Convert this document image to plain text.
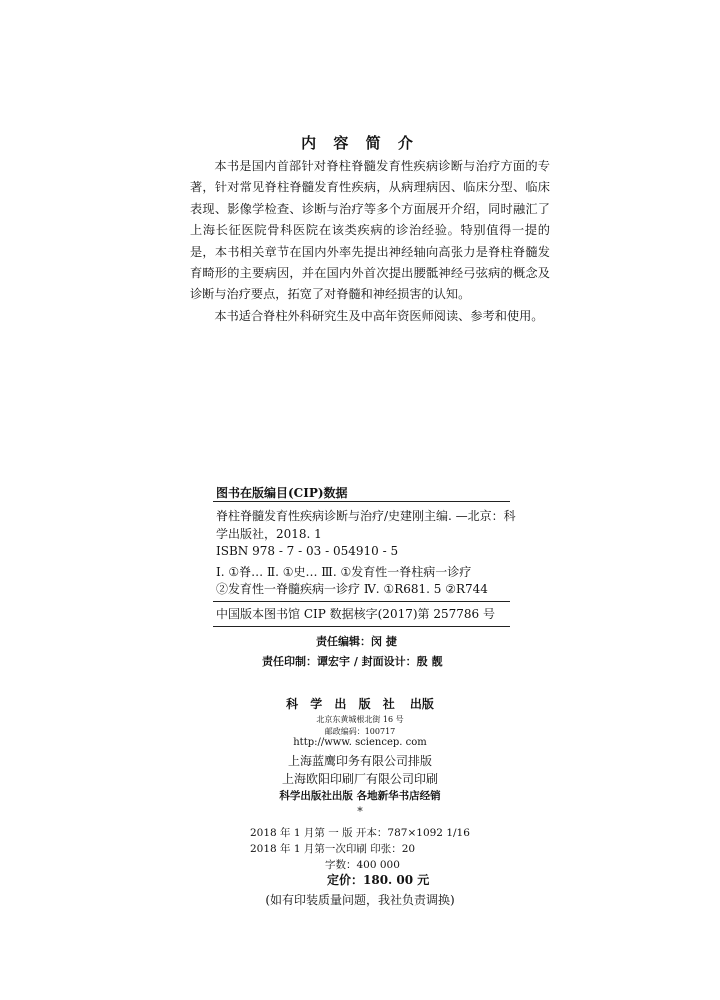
内 容 简 介

本书是国内首部针对脊柱脊髓发育性疾病诊断与治疗方面的专著，针对常见脊柱脊髓发育性疾病，从病理病因、临床分型、临床表现、影像学检查、诊断与治疗等多个方面展开介绍，同时融汇了上海长征医院骨科医院在该类疾病的诊治经验。特别值得一提的是，本书相关章节在国内外率先提出神经轴向高张力是脊柱脊髓发育畸形的主要病因，并在国内外首次提出腰骶神经弓弦病的概念及诊断与治疗要点，拓宽了对脊髓和神经损害的认知。

本书适合脊柱外科研究生及中高年资医师阅读、参考和使用。

图书在版编目(CIP)数据
脊柱脊髓发育性疾病诊断与治疗/史建刚主编. —北京：科
学出版社，2018. 1
ISBN 978 - 7 - 03 - 054910 - 5
Ⅰ. ①脊… Ⅱ. ①史… Ⅲ. ①发育性一脊柱病一诊疗
②发育性一脊髓疾病一诊疗 Ⅳ. ①R681. 5 ②R744
中国版本图书馆 CIP 数据核字(2017)第 257786 号
责任编辑：闵 捷
责任印制：谭宏宇 / 封面设计：殷 靓
科 学 出 版 社 出版
北京东黄城根北街 16 号
邮政编码：100717
http://www. sciencep. com
上海蓝鹰印务有限公司排版
上海欧阳印刷厂有限公司印刷
科学出版社出版 各地新华书店经销
*
2018 年 1 月第 一 版 开本：787×1092 1/16
2018 年 1 月第一次印刷 印张：20
字数：400 000
定价：180. 00 元
(如有印装质量问题，我社负责调换)
